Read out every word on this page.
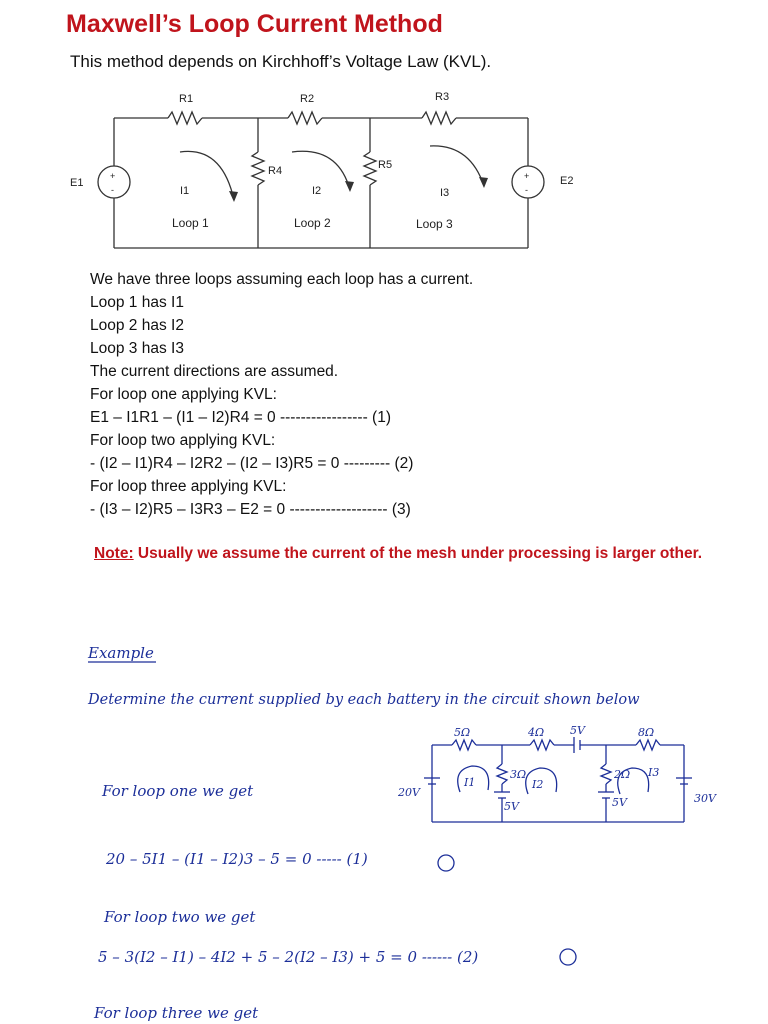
Maxwell’s Loop Current Method
This method depends on Kirchhoff’s Voltage Law (KVL).
R1	R2	R3
R4	R5
E1	E2
I1	I2	I3
+
-
+
-
Loop 1	Loop 2	Loop 3
We have three loops assuming each loop has a current.
Loop 1 has I1
Loop 2 has I2
Loop 3 has I3
The current directions are assumed.
For loop one applying KVL:
E1 – I1R1 – (I1 – I2)R4 = 0 ----------------- (1)
For loop two applying KVL:
- (I2 – I1)R4 – I2R2 – (I2 – I3)R5 = 0 --------- (2)
For loop three applying KVL:
- (I3 – I2)R5 – I3R3 – E2 = 0 ------------------- (3)
Note: Usually we assume the current of the mesh under processing is larger other.
Example
Determine the current supplied by each battery in the circuit shown below
For loop one we get
20 – 5I1 – (I1 – I2)3 – 5 = 0 ----- (1)
For loop two we get
5 – 3(I2 – I1) – 4I2 + 5 – 2(I2 – I3) + 5 = 0 ------ (2)
For loop three we get
5Ω	4Ω 5V	8Ω
3Ω	2Ω
20V
5V	5V	30V
I1	I2
I3
